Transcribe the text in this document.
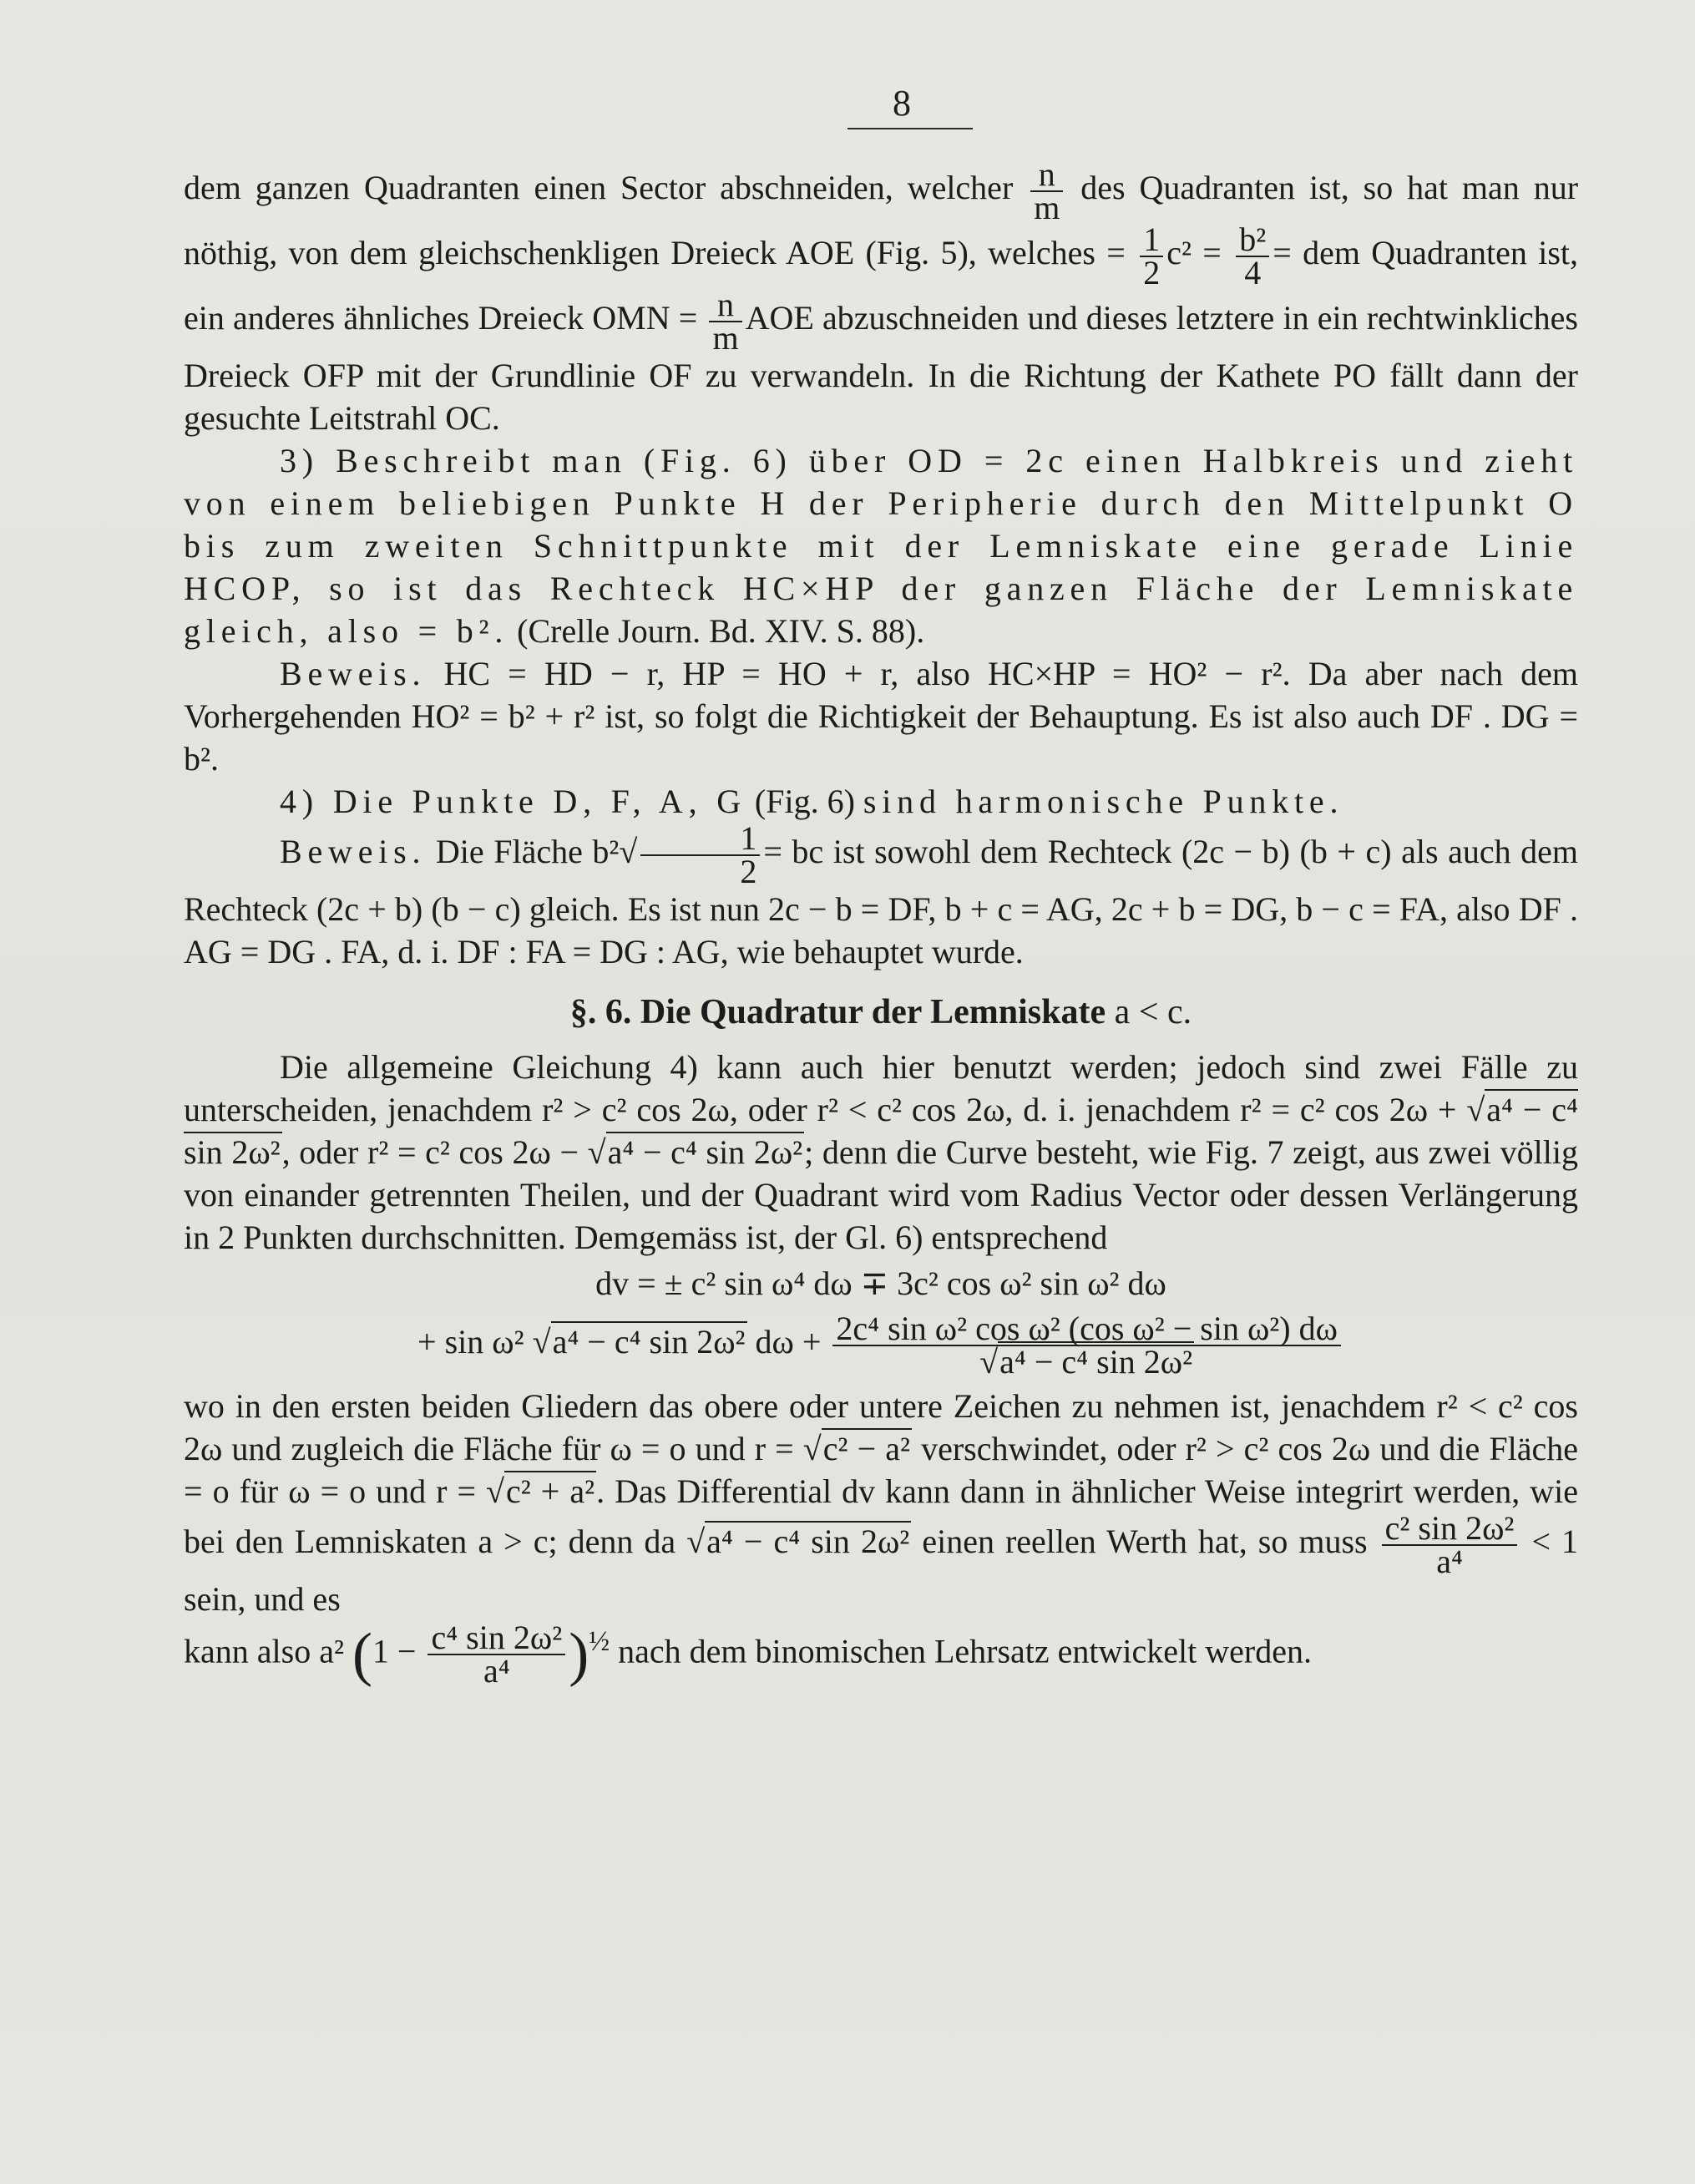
8

dem ganzen Quadranten einen Sector abschneiden, welcher $\frac{n}{m}$ des Quadranten ist, so hat man nur nöthig, von dem gleichschenkligen Dreieck AOE (Fig. 5), welches = $\frac{1}{2} c^2 = \frac{\text{b²}}{4}$ = dem Quadranten ist, ein anderes ähnliches Dreieck OMN = $\frac{n}{m}$ AOE abzuschneiden und dieses letztere in ein rechtwinkliches Dreieck OFP mit der Grundlinie OF zu verwandeln. In die Richtung der Kathete PO fällt dann der gesuchte Leitstrahl OC.

3) Beschreibt man (Fig. 6) über OD = 2c einen Halbkreis und zieht von einem beliebigen Punkte H der Peripherie durch den Mittelpunkt O bis zum zweiten Schnittpunkte mit der Lemniskate eine gerade Linie HCOP, so ist das Rechteck HC×HP der ganzen Fläche der Lemniskate gleich, also = b². (Crelle Journ. Bd. XIV. S. 88).

Beweis. HC = HD − r, HP = HO + r, also HC×HP = HO² − r². Da aber nach dem Vorhergehenden HO² = b² + r² ist, so folgt die Richtigkeit der Behauptung. Es ist also auch DF . DG = b².

4) Die Punkte D, F, A, G (Fig. 6) sind harmonische Punkte.

Beweis. Die Fläche $b^2√ \frac{1}{2}$ = bc ist sowohl dem Rechteck (2c − b) (b + c) als auch dem Rechteck (2c + b) (b − c) gleich. Es ist nun 2c − b = DF, b + c = AG, 2c + b = DG, b − c = FA, also DF . AG = DG . FA, d. i. DF : FA = DG : AG, wie behauptet wurde.

§. 6. Die Quadratur der Lemniskate a < c.

Die allgemeine Gleichung 4) kann auch hier benutzt werden; jedoch sind zwei Fälle zu unterscheiden, jenachdem r² > c² cos 2ω, oder r² < c² cos 2ω, d. i. jenachdem r² = c² cos 2ω + √a⁴ − c⁴ sin 2ω², oder r² = c² cos 2ω − √a⁴ − c⁴ sin 2ω²; denn die Curve besteht, wie Fig. 7 zeigt, aus zwei völlig von einander getrennten Theilen, und der Quadrant wird vom Radius Vector oder dessen Verlängerung in 2 Punkten durchschnitten. Demgemäss ist, der Gl. 6) entsprechend

dv = ± c² sin ω⁴ dω ∓ 3c² cos ω² sin ω² dω
+ sin ω² √a⁴ − c⁴ sin 2ω² $d\omega + \frac{\text{2c⁴ sin ω² cos ω² (cos ω² − sin ω²) dω}}{\text{√a⁴ − c⁴ sin 2ω²}}$

wo in den ersten beiden Gliedern das obere oder untere Zeichen zu nehmen ist, jenachdem r² < c² cos 2ω und zugleich die Fläche für ω = o und r = √c² − a² verschwindet, oder r² > c² cos 2ω und die Fläche = o für ω = o und r = √c² + a². Das Differential dv kann dann in ähnlicher Weise integrirt werden, wie bei den Lemniskaten a > c; denn da √a⁴ − c⁴ sin 2ω² einen reellen Werth hat, so muss $\frac{\text{c² sin 2ω²}}{\text{a⁴}} < 1$ sein, und es

kann also a² $(1 - \frac{\text{c⁴ sin 2ω²}}{\text{a⁴}} )^{\frac{1}{2}}$ nach dem binomischen Lehrsatz entwickelt werden.
